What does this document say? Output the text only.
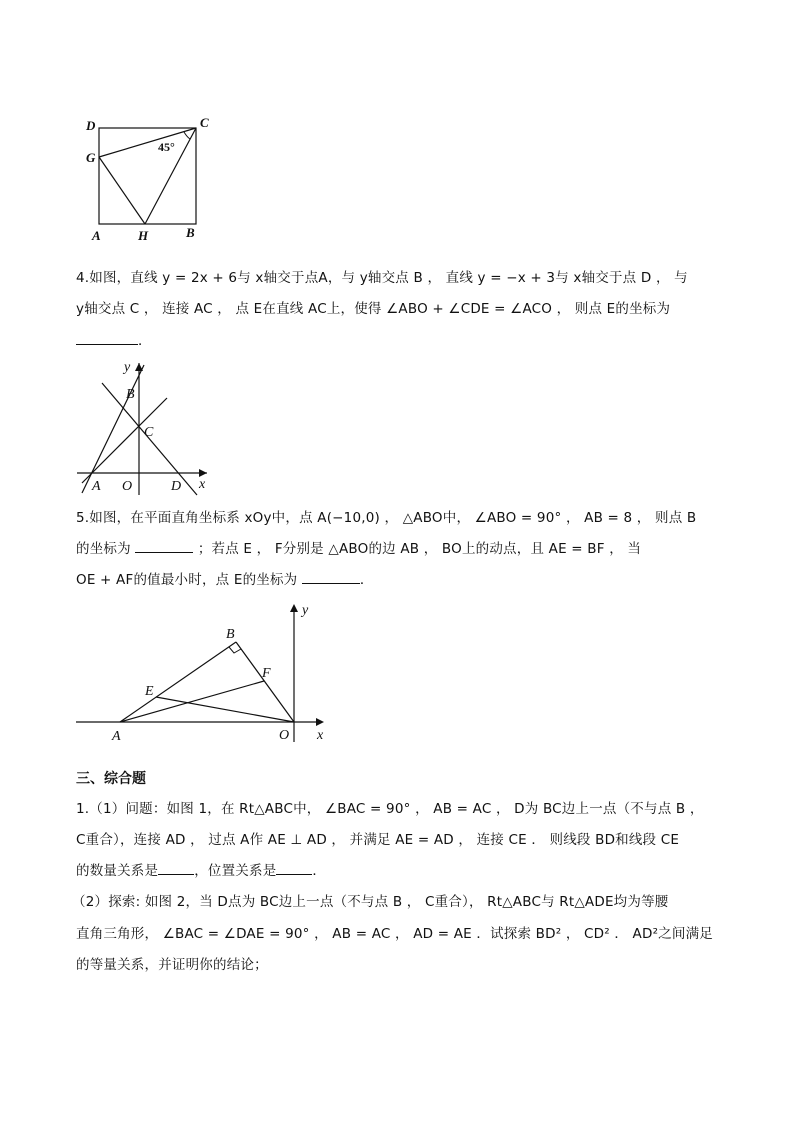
D	C
G
A	H	B
45°
4.如图，直线 y = 2x + 6与 x轴交于点A，与 y轴交点 B ， 直线 y = −x + 3与 x轴交于点 D ， 与
y轴交点 C ， 连接 AC ， 点 E在直线 AC上，使得 ∠ABO + ∠CDE = ∠ACO ， 则点 E的坐标为
．
y
B
C
A O	D x
5.如图，在平面直角坐标系 xOy中，点 A(−10,0) ， △ABO中， ∠ABO = 90° ， AB = 8 ， 则点 B
的坐标为	；若点 E ， F分别是 △ABO的边 AB ， BO上的动点，且 AE = BF ， 当
OE + AF的值最小时，点 E的坐标为	．
y
B
F
E
A	O x
三、综合题
1.（1）问题：如图 1，在 Rt△ABC中， ∠BAC = 90° ， AB = AC ， D为 BC边上一点（不与点 B ，
C重合），连接 AD ， 过点 A作 AE ⊥ AD ， 并满足 AE = AD ， 连接 CE ． 则线段 BD和线段 CE
的数量关系是	，位置关系是	．
（2）探索: 如图 2，当 D点为 BC边上一点（不与点 B ， C重合）， Rt△ABC与 Rt△ADE均为等腰
直角三角形， ∠BAC = ∠DAE = 90° ， AB = AC ， AD = AE ．试探索 BD² ， CD² ． AD²之间满足
的等量关系，并证明你的结论；
